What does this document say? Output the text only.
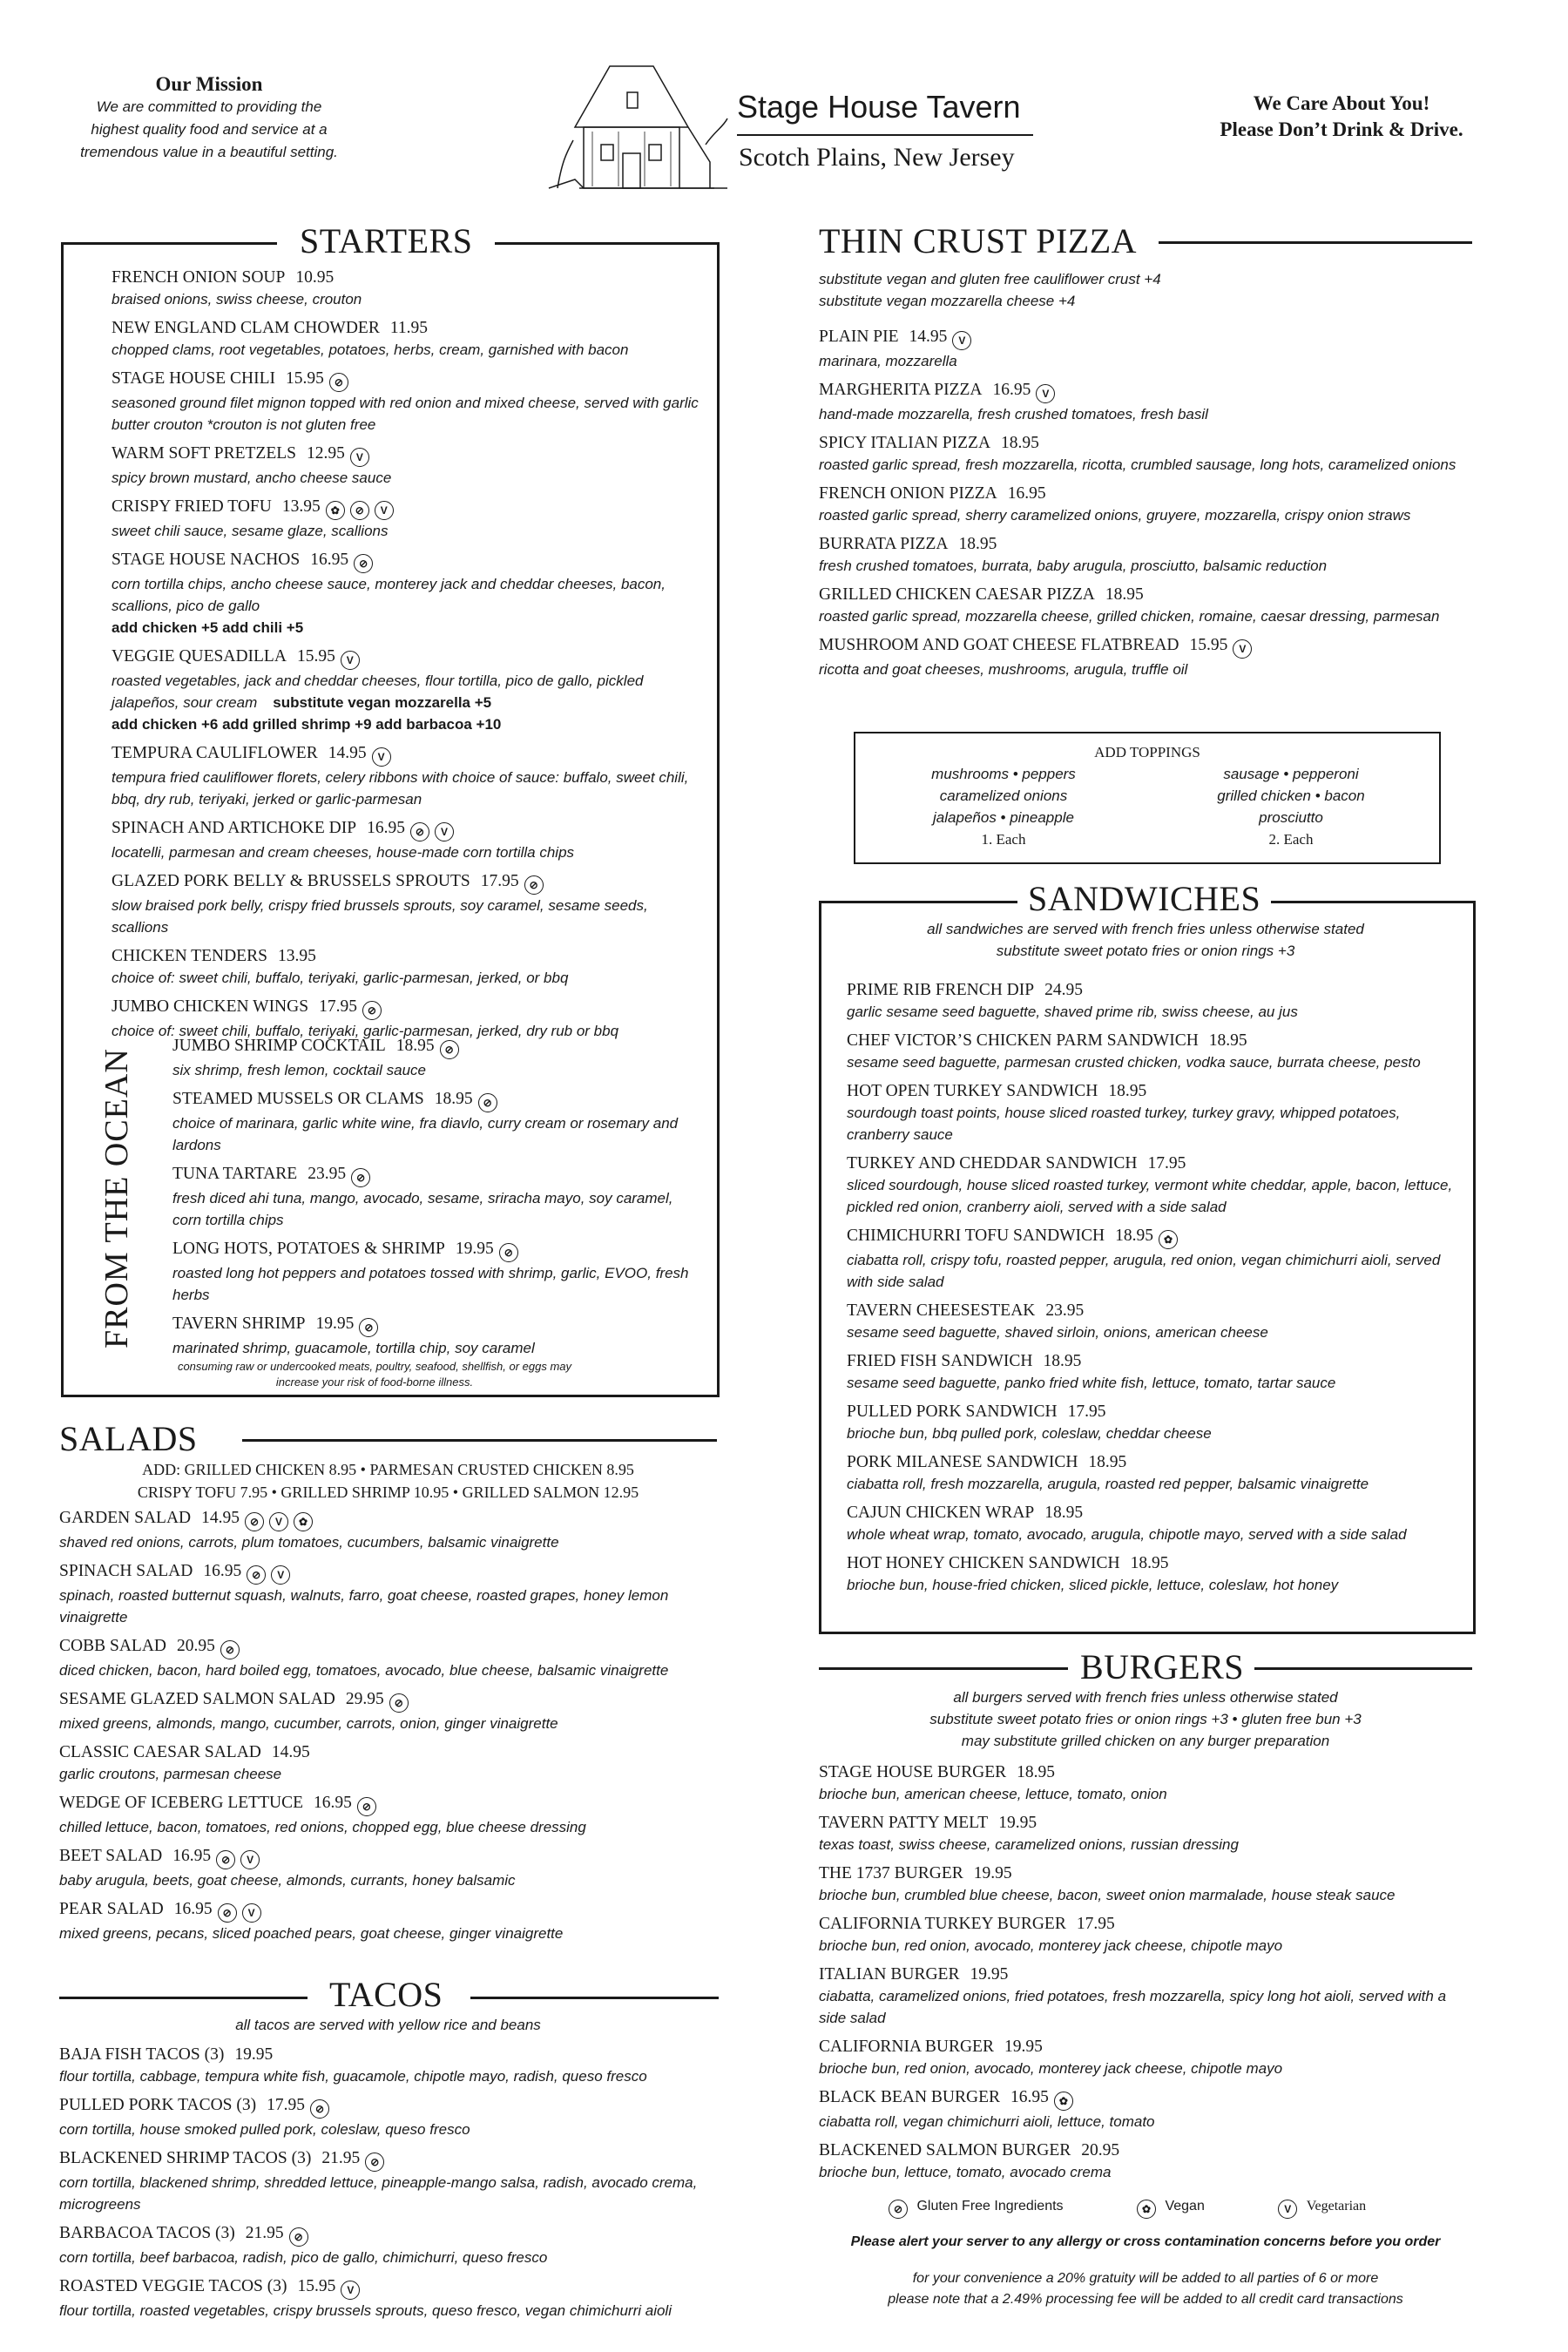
Our Mission
We are committed to providing the highest quality food and service at a tremendous value in a beautiful setting.
Stage House Tavern
Scotch Plains, New Jersey
We Care About You!
Please Don’t Drink & Drive.
STARTERS
FRENCH ONION SOUP 10.95
braised onions, swiss cheese, crouton
NEW ENGLAND CLAM CHOWDER 11.95
chopped clams, root vegetables, potatoes, herbs, cream, garnished with bacon
STAGE HOUSE CHILI 15.95 ⊘
seasoned ground filet mignon topped with red onion and mixed cheese, served with garlic butter crouton *crouton is not gluten free
WARM SOFT PRETZELS 12.95 V
spicy brown mustard, ancho cheese sauce
CRISPY FRIED TOFU 13.95 ✿ ⊘ V
sweet chili sauce, sesame glaze, scallions
STAGE HOUSE NACHOS 16.95 ⊘
corn tortilla chips, ancho cheese sauce, monterey jack and cheddar cheeses, bacon, scallions, pico de gallo
add chicken +5 add chili +5
VEGGIE QUESADILLA 15.95 V
roasted vegetables, jack and cheddar cheeses, flour tortilla, pico de gallo, pickled jalapeños, sour cream substitute vegan mozzarella +5
add chicken +6 add grilled shrimp +9 add barbacoa +10
TEMPURA CAULIFLOWER 14.95 V
tempura fried cauliflower florets, celery ribbons with choice of sauce: buffalo, sweet chili, bbq, dry rub, teriyaki, jerked or garlic-parmesan
SPINACH AND ARTICHOKE DIP 16.95 ⊘ V
locatelli, parmesan and cream cheeses, house-made corn tortilla chips
GLAZED PORK BELLY & BRUSSELS SPROUTS 17.95 ⊘
slow braised pork belly, crispy fried brussels sprouts, soy caramel, sesame seeds, scallions
CHICKEN TENDERS 13.95
choice of: sweet chili, buffalo, teriyaki, garlic-parmesan, jerked, or bbq
JUMBO CHICKEN WINGS 17.95 ⊘
choice of: sweet chili, buffalo, teriyaki, garlic-parmesan, jerked, dry rub or bbq
FROM THE OCEAN
JUMBO SHRIMP COCKTAIL 18.95 ⊘
six shrimp, fresh lemon, cocktail sauce
STEAMED MUSSELS OR CLAMS 18.95 ⊘
choice of marinara, garlic white wine, fra diavlo, curry cream or rosemary and lardons
TUNA TARTARE 23.95 ⊘
fresh diced ahi tuna, mango, avocado, sesame, sriracha mayo, soy caramel, corn tortilla chips
LONG HOTS, POTATOES & SHRIMP 19.95 ⊘
roasted long hot peppers and potatoes tossed with shrimp, garlic, EVOO, fresh herbs
TAVERN SHRIMP 19.95 ⊘
marinated shrimp, guacamole, tortilla chip, soy caramel
consuming raw or undercooked meats, poultry, seafood, shellfish, or eggs may increase your risk of food-borne illness.
SALADS
ADD: GRILLED CHICKEN 8.95 • PARMESAN CRUSTED CHICKEN 8.95
CRISPY TOFU 7.95 • GRILLED SHRIMP 10.95 • GRILLED SALMON 12.95
GARDEN SALAD 14.95 ⊘ V ✿
shaved red onions, carrots, plum tomatoes, cucumbers, balsamic vinaigrette
SPINACH SALAD 16.95 ⊘ V
spinach, roasted butternut squash, walnuts, farro, goat cheese, roasted grapes, honey lemon vinaigrette
COBB SALAD 20.95 ⊘
diced chicken, bacon, hard boiled egg, tomatoes, avocado, blue cheese, balsamic vinaigrette
SESAME GLAZED SALMON SALAD 29.95 ⊘
mixed greens, almonds, mango, cucumber, carrots, onion, ginger vinaigrette
CLASSIC CAESAR SALAD 14.95
garlic croutons, parmesan cheese
WEDGE OF ICEBERG LETTUCE 16.95 ⊘
chilled lettuce, bacon, tomatoes, red onions, chopped egg, blue cheese dressing
BEET SALAD 16.95 ⊘ V
baby arugula, beets, goat cheese, almonds, currants, honey balsamic
PEAR SALAD 16.95 ⊘ V
mixed greens, pecans, sliced poached pears, goat cheese, ginger vinaigrette
TACOS
all tacos are served with yellow rice and beans
BAJA FISH TACOS (3) 19.95
flour tortilla, cabbage, tempura white fish, guacamole, chipotle mayo, radish, queso fresco
PULLED PORK TACOS (3) 17.95 ⊘
corn tortilla, house smoked pulled pork, coleslaw, queso fresco
BLACKENED SHRIMP TACOS (3) 21.95 ⊘
corn tortilla, blackened shrimp, shredded lettuce, pineapple-mango salsa, radish, avocado crema, microgreens
BARBACOA TACOS (3) 21.95 ⊘
corn tortilla, beef barbacoa, radish, pico de gallo, chimichurri, queso fresco
ROASTED VEGGIE TACOS (3) 15.95 V
flour tortilla, roasted vegetables, crispy brussels sprouts, queso fresco, vegan chimichurri aioli
THIN CRUST PIZZA
substitute vegan and gluten free cauliflower crust +4
substitute vegan mozzarella cheese +4
PLAIN PIE 14.95 V
marinara, mozzarella
MARGHERITA PIZZA 16.95 V
hand-made mozzarella, fresh crushed tomatoes, fresh basil
SPICY ITALIAN PIZZA 18.95
roasted garlic spread, fresh mozzarella, ricotta, crumbled sausage, long hots, caramelized onions
FRENCH ONION PIZZA 16.95
roasted garlic spread, sherry caramelized onions, gruyere, mozzarella, crispy onion straws
BURRATA PIZZA 18.95
fresh crushed tomatoes, burrata, baby arugula, prosciutto, balsamic reduction
GRILLED CHICKEN CAESAR PIZZA 18.95
roasted garlic spread, mozzarella cheese, grilled chicken, romaine, caesar dressing, parmesan
MUSHROOM AND GOAT CHEESE FLATBREAD 15.95 V
ricotta and goat cheeses, mushrooms, arugula, truffle oil
ADD TOPPINGS
mushrooms • peppers
caramelized onions
jalapeños • pineapple
1. Each
sausage • pepperoni
grilled chicken • bacon
prosciutto
2. Each
SANDWICHES
all sandwiches are served with french fries unless otherwise stated
substitute sweet potato fries or onion rings +3
PRIME RIB FRENCH DIP 24.95
garlic sesame seed baguette, shaved prime rib, swiss cheese, au jus
CHEF VICTOR’S CHICKEN PARM SANDWICH 18.95
sesame seed baguette, parmesan crusted chicken, vodka sauce, burrata cheese, pesto
HOT OPEN TURKEY SANDWICH 18.95
sourdough toast points, house sliced roasted turkey, turkey gravy, whipped potatoes, cranberry sauce
TURKEY AND CHEDDAR SANDWICH 17.95
sliced sourdough, house sliced roasted turkey, vermont white cheddar, apple, bacon, lettuce, pickled red onion, cranberry aioli, served with a side salad
CHIMICHURRI TOFU SANDWICH 18.95 ✿
ciabatta roll, crispy tofu, roasted pepper, arugula, red onion, vegan chimichurri aioli, served with side salad
TAVERN CHEESESTEAK 23.95
sesame seed baguette, shaved sirloin, onions, american cheese
FRIED FISH SANDWICH 18.95
sesame seed baguette, panko fried white fish, lettuce, tomato, tartar sauce
PULLED PORK SANDWICH 17.95
brioche bun, bbq pulled pork, coleslaw, cheddar cheese
PORK MILANESE SANDWICH 18.95
ciabatta roll, fresh mozzarella, arugula, roasted red pepper, balsamic vinaigrette
CAJUN CHICKEN WRAP 18.95
whole wheat wrap, tomato, avocado, arugula, chipotle mayo, served with a side salad
HOT HONEY CHICKEN SANDWICH 18.95
brioche bun, house-fried chicken, sliced pickle, lettuce, coleslaw, hot honey
BURGERS
all burgers served with french fries unless otherwise stated
substitute sweet potato fries or onion rings +3 • gluten free bun +3
may substitute grilled chicken on any burger preparation
STAGE HOUSE BURGER 18.95
brioche bun, american cheese, lettuce, tomato, onion
TAVERN PATTY MELT 19.95
texas toast, swiss cheese, caramelized onions, russian dressing
THE 1737 BURGER 19.95
brioche bun, crumbled blue cheese, bacon, sweet onion marmalade, house steak sauce
CALIFORNIA TURKEY BURGER 17.95
brioche bun, red onion, avocado, monterey jack cheese, chipotle mayo
ITALIAN BURGER 19.95
ciabatta, caramelized onions, fried potatoes, fresh mozzarella, spicy long hot aioli, served with a side salad
CALIFORNIA BURGER 19.95
brioche bun, red onion, avocado, monterey jack cheese, chipotle mayo
BLACK BEAN BURGER 16.95 ✿
ciabatta roll, vegan chimichurri aioli, lettuce, tomato
BLACKENED SALMON BURGER 20.95
brioche bun, lettuce, tomato, avocado crema
⊘ Gluten Free Ingredients	✿ Vegan	V Vegetarian
Please alert your server to any allergy or cross contamination concerns before you order
for your convenience a 20% gratuity will be added to all parties of 6 or more
please note that a 2.49% processing fee will be added to all credit card transactions
